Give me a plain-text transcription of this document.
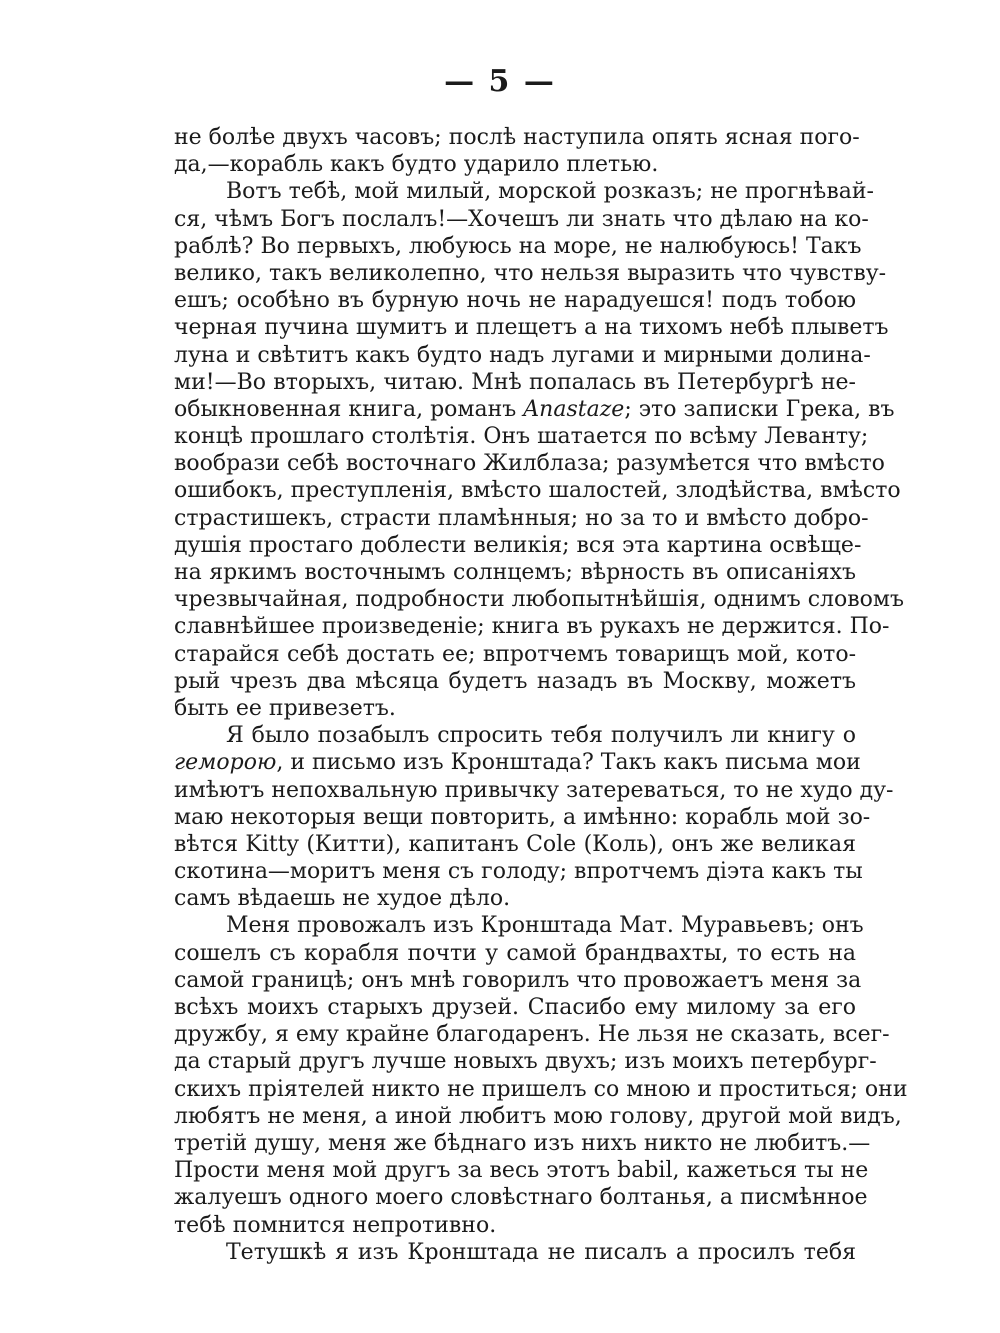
— 5 —
не болѣе двухъ часовъ; послѣ наступила опять ясная пого-
да,—корабль какъ будто ударило плетью.
Вотъ тебѣ, мой милый, морской розказъ; не прогнѣвай-
ся, чѣмъ Богъ послалъ!—Хочешъ ли знать что дѣлаю на ко-
раблѣ? Во первыхъ, любуюсь на море, не налюбуюсь! Такъ
велико, такъ великолепно, что нельзя выразить что чувству-
ешъ; особѣно въ бурную ночь не нарадуешся! подъ тобою
черная пучина шумитъ и плещетъ а на тихомъ небѣ плыветъ
луна и свѣтитъ какъ будто надъ лугами и мирными долина-
ми!—Во вторыхъ, читаю. Мнѣ попалась въ Петербургѣ не-
обыкновенная книга, романъ Anastaze; это записки Грека, въ
концѣ прошлаго столѣтія. Онъ шатается по всѣму Леванту;
вообрази себѣ восточнаго Жилблаза; разумѣется что вмѣсто
ошибокъ, преступленія, вмѣсто шалостей, злодѣйства, вмѣсто
страстишекъ, страсти пламѣнныя; но за то и вмѣсто добро-
душія простаго доблести великія; вся эта картина освѣще-
на яркимъ восточнымъ солнцемъ; вѣрность въ описаніяхъ
чрезвычайная, подробности любопытнѣйшія, однимъ словомъ
славнѣйшее произведеніе; книга въ рукахъ не держится. По-
старайся себѣ достать ее; впротчемъ товарищъ мой, кото-
рый чрезъ два мѣсяца будетъ назадъ въ Москву, можетъ
быть ее привезетъ.
Я было позабылъ спросить тебя получилъ ли книгу о
геморою, и письмо изъ Кронштада? Такъ какъ письма мои
имѣютъ непохвальную привычку затереваться, то не худо ду-
маю некоторыя вещи повторить, а имѣнно: корабль мой зо-
вѣтся Kitty (Китти), капитанъ Cole (Коль), онъ же великая
скотина—моритъ меня съ голоду; впротчемъ діэта какъ ты
самъ вѣдаешь не худое дѣло.
Меня провожалъ изъ Кронштада Мат. Муравьевъ; онъ
сошелъ съ корабля почти у самой брандвахты, то есть на
самой границѣ; онъ мнѣ говорилъ что провожаетъ меня за
всѣхъ моихъ старыхъ друзей. Спасибо ему милому за его
дружбу, я ему крайне благодаренъ. Не льзя не сказать, всег-
да старый другъ лучше новыхъ двухъ; изъ моихъ петербург-
скихъ пріятелей никто не пришелъ со мною и проститься; они
любятъ не меня, а иной любитъ мою голову, другой мой видъ,
третій душу, меня же бѣднаго изъ нихъ никто не любитъ.—
Прости меня мой другъ за весь этотъ babil, кажеться ты не
жалуешъ одного моего словѣстнаго болтанья, а писмѣнное
тебѣ помнится непротивно.
Тетушкѣ я изъ Кронштада не писалъ а просилъ тебя
